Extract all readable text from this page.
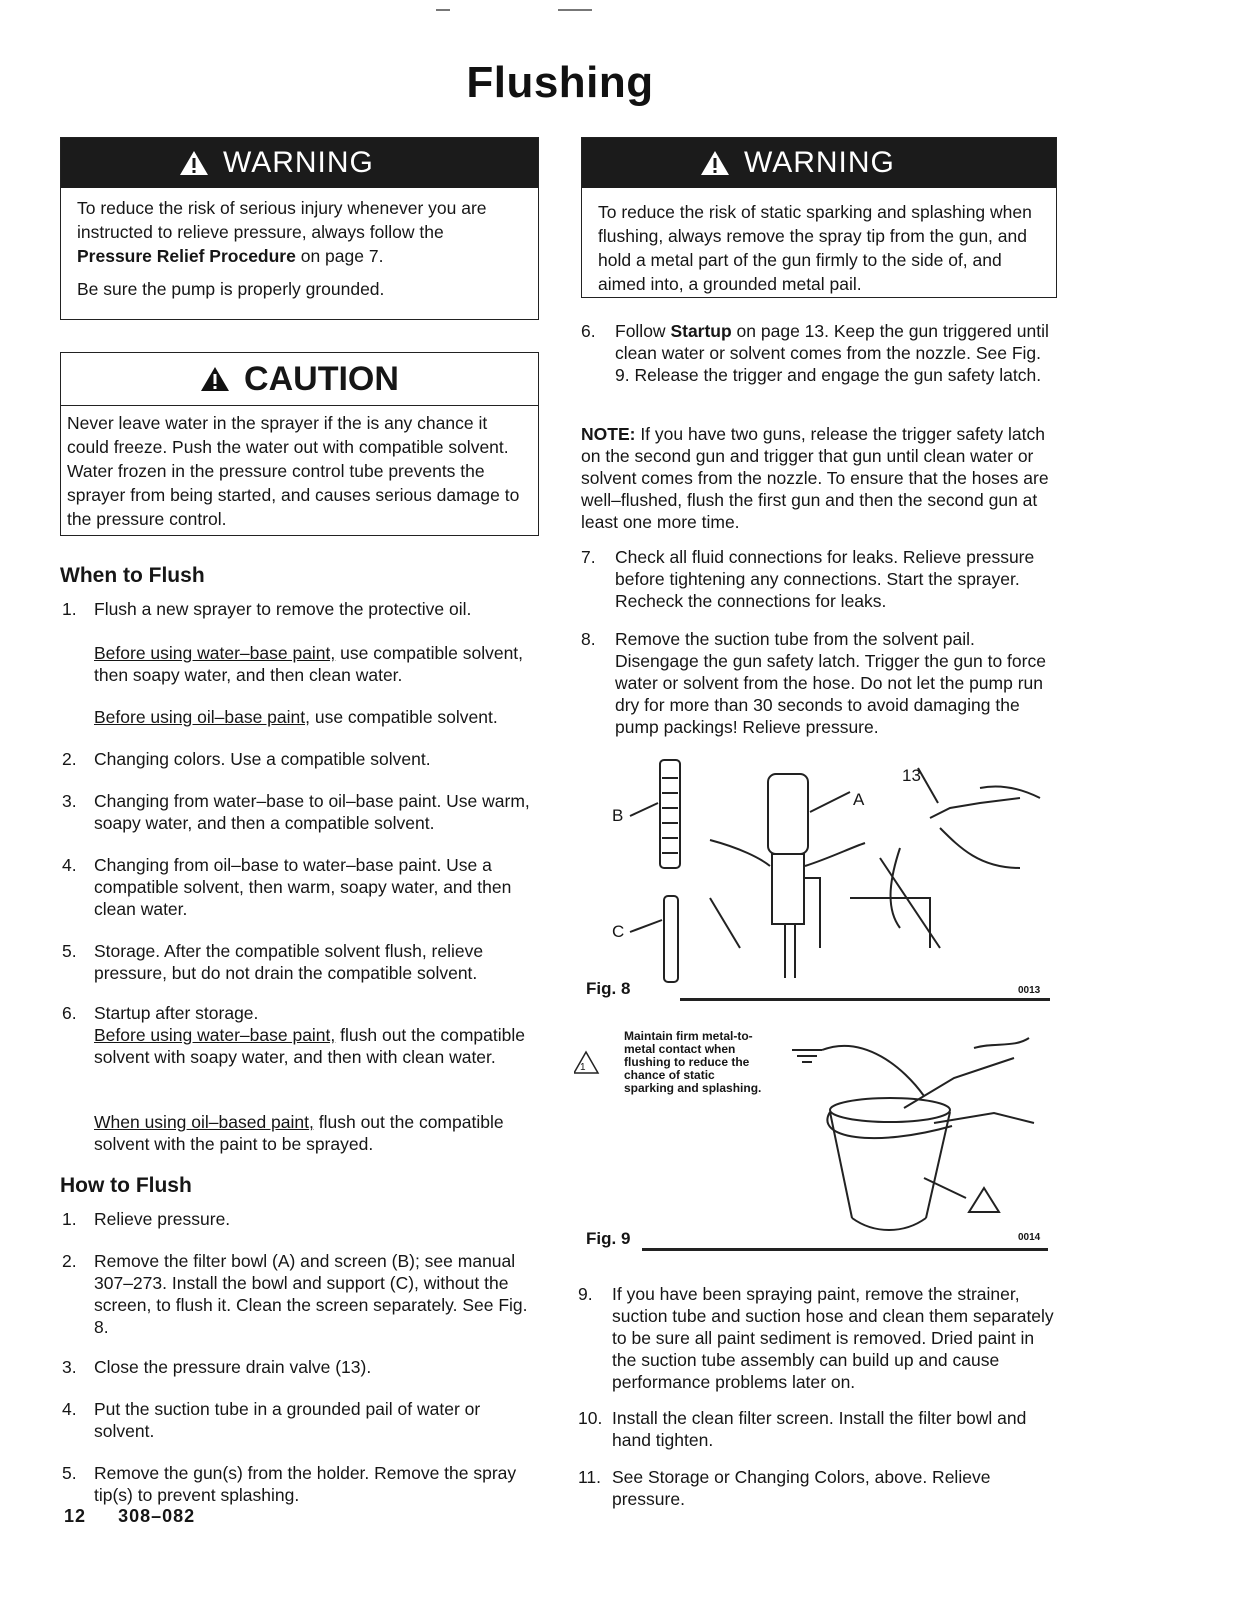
Flushing
WARNING

To reduce the risk of serious injury whenever you are instructed to relieve pressure, always follow the Pressure Relief Procedure on page 7.

Be sure the pump is properly grounded.

CAUTION
Never leave water in the sprayer if the is any chance it could freeze. Push the water out with compatible solvent. Water frozen in the pressure control tube prevents the sprayer from being started, and causes serious damage to the pressure control.
When to Flush
1. Flush a new sprayer to remove the protective oil.
Before using water–base paint, use compatible solvent, then soapy water, and then clean water.
Before using oil–base paint, use compatible solvent.
2. Changing colors. Use a compatible solvent.
3. Changing from water–base to oil–base paint. Use warm, soapy water, and then a compatible solvent.
4. Changing from oil–base to water–base paint. Use a compatible solvent, then warm, soapy water, and then clean water.
5. Storage. After the compatible solvent flush, relieve pressure, but do not drain the compatible solvent.
6. Startup after storage.
Before using water–base paint, flush out the compatible solvent with soapy water, and then with clean water.
When using oil–based paint, flush out the compatible solvent with the paint to be sprayed.
How to Flush
1. Relieve pressure.
2. Remove the filter bowl (A) and screen (B); see manual 307–273. Install the bowl and support (C), without the screen, to flush it. Clean the screen separately. See Fig. 8.
3. Close the pressure drain valve (13).
4. Put the suction tube in a grounded pail of water or solvent.
5. Remove the gun(s) from the holder. Remove the spray tip(s) to prevent splashing.
WARNING
To reduce the risk of static sparking and splashing when flushing, always remove the spray tip from the gun, and hold a metal part of the gun firmly to the side of, and aimed into, a grounded metal pail.
6. Follow Startup on page 13. Keep the gun triggered until clean water or solvent comes from the nozzle. See Fig. 9. Release the trigger and engage the gun safety latch.
NOTE: If you have two guns, release the trigger safety latch on the second gun and trigger that gun until clean water or solvent comes from the nozzle. To ensure that the hoses are well–flushed, flush the first gun and then the second gun at least one more time.
7. Check all fluid connections for leaks. Relieve pressure before tightening any connections. Start the sprayer. Recheck the connections for leaks.
8. Remove the suction tube from the solvent pail. Disengage the gun safety latch. Trigger the gun to force water or solvent from the hose. Do not let the pump run dry for more than 30 seconds to avoid damaging the pump packings! Relieve pressure.
B
C
A
13
Fig. 8	0013
1
Maintain firm metal-to-metal contact when flushing to reduce the chance of static sparking and splashing.
Fig. 9	0014
9. If you have been spraying paint, remove the strainer, suction tube and suction hose and clean them separately to be sure all paint sediment is removed. Dried paint in the suction tube assembly can build up and cause performance problems later on.
10. Install the clean filter screen. Install the filter bowl and hand tighten.
11. See Storage or Changing Colors, above. Relieve pressure.
12 308–082
